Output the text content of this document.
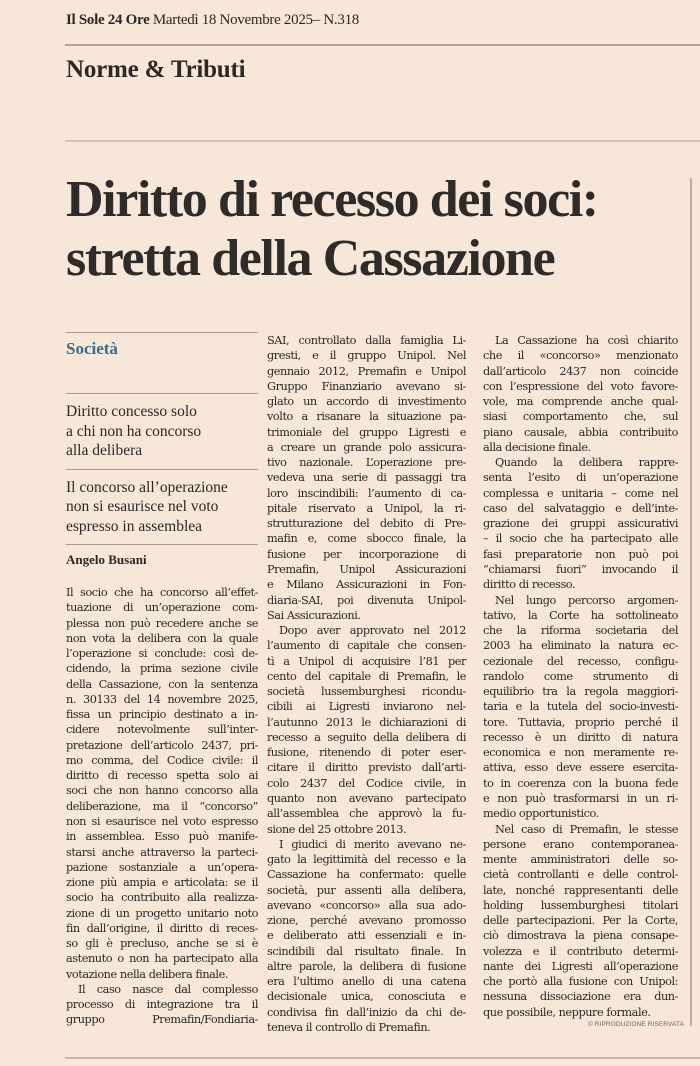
Il Sole 24 Ore Martedì 18 Novembre 2025– N.318
Norme & Tributi
Diritto di recesso dei soci:
stretta della Cassazione
Società
Diritto concesso solo
a chi non ha concorso
alla delibera
Il concorso all’operazione
non si esaurisce nel voto
espresso in assemblea
Angelo Busani
Il socio che ha concorso all’effet-
tuazione di un’operazione com-
plessa non può recedere anche se
non vota la delibera con la quale
l’operazione si conclude: così de-
cidendo, la prima sezione civile
della Cassazione, con la sentenza
n. 30133 del 14 novembre 2025,
fissa un principio destinato a in-
cidere notevolmente sull’inter-
pretazione dell’articolo 2437, pri-
mo comma, del Codice civile: il
diritto di recesso spetta solo ai
soci che non hanno concorso alla
deliberazione, ma il “concorso”
non si esaurisce nel voto espresso
in assemblea. Esso può manife-
starsi anche attraverso la parteci-
pazione sostanziale a un’opera-
zione più ampia e articolata: se il
socio ha contribuito alla realizza-
zione di un progetto unitario noto
fin dall’origine, il diritto di reces-
so gli è precluso, anche se si è
astenuto o non ha partecipato alla
votazione nella delibera finale.
Il caso nasce dal complesso
processo di integrazione tra il
gruppo Premafin/Fondiaria-
SAI, controllato dalla famiglia Li-
gresti, e il gruppo Unipol. Nel
gennaio 2012, Premafin e Unipol
Gruppo Finanziario avevano si-
glato un accordo di investimento
volto a risanare la situazione pa-
trimoniale del gruppo Ligresti e
a creare un grande polo assicura-
tivo nazionale. L’operazione pre-
vedeva una serie di passaggi tra
loro inscindibili: l’aumento di ca-
pitale riservato a Unipol, la ri-
strutturazione del debito di Pre-
mafin e, come sbocco finale, la
fusione per incorporazione di
Premafin, Unipol Assicurazioni
e Milano Assicurazioni in Fon-
diaria-SAI, poi divenuta Unipol-
Sai Assicurazioni.
Dopo aver approvato nel 2012
l’aumento di capitale che consen-
tì a Unipol di acquisire l’81 per
cento del capitale di Premafin, le
società lussemburghesi ricondu-
cibili ai Ligresti inviarono nel-
l’autunno 2013 le dichiarazioni di
recesso a seguito della delibera di
fusione, ritenendo di poter eser-
citare il diritto previsto dall’arti-
colo 2437 del Codice civile, in
quanto non avevano partecipato
all’assemblea che approvò la fu-
sione del 25 ottobre 2013.
I giudici di merito avevano ne-
gato la legittimità del recesso e la
Cassazione ha confermato: quelle
società, pur assenti alla delibera,
avevano «concorso» alla sua ado-
zione, perché avevano promosso
e deliberato atti essenziali e in-
scindibili dal risultato finale. In
altre parole, la delibera di fusione
era l’ultimo anello di una catena
decisionale unica, conosciuta e
condivisa fin dall’inizio da chi de-
teneva il controllo di Premafin.
La Cassazione ha così chiarito
che il «concorso» menzionato
dall’articolo 2437 non coincide
con l’espressione del voto favore-
vole, ma comprende anche qual-
siasi comportamento che, sul
piano causale, abbia contribuito
alla decisione finale.
Quando la delibera rappre-
senta l’esito di un’operazione
complessa e unitaria – come nel
caso del salvataggio e dell’inte-
grazione dei gruppi assicurativi
– il socio che ha partecipato alle
fasi preparatorie non può poi
“chiamarsi fuori” invocando il
diritto di recesso.
Nel lungo percorso argomen-
tativo, la Corte ha sottolineato
che la riforma societaria del
2003 ha eliminato la natura ec-
cezionale del recesso, configu-
randolo come strumento di
equilibrio tra la regola maggiori-
taria e la tutela del socio-investi-
tore. Tuttavia, proprio perché il
recesso è un diritto di natura
economica e non meramente re-
attiva, esso deve essere esercita-
to in coerenza con la buona fede
e non può trasformarsi in un ri-
medio opportunistico.
Nel caso di Premafin, le stesse
persone erano contemporanea-
mente amministratori delle so-
cietà controllanti e delle control-
late, nonché rappresentanti delle
holding lussemburghesi titolari
delle partecipazioni. Per la Corte,
ciò dimostrava la piena consape-
volezza e il contributo determi-
nante dei Ligresti all’operazione
che portò alla fusione con Unipol:
nessuna dissociazione era dun-
que possibile, neppure formale.
© RIPRODUZIONE RISERVATA
